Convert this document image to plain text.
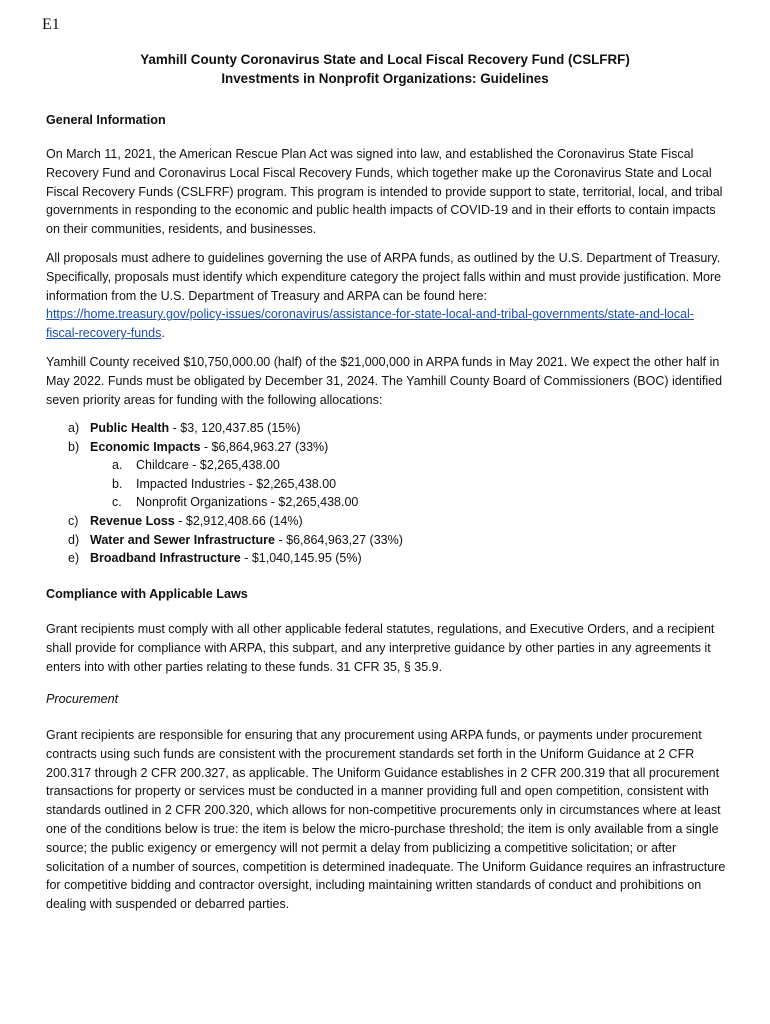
E1
Yamhill County Coronavirus State and Local Fiscal Recovery Fund (CSLFRF)
Investments in Nonprofit Organizations: Guidelines
General Information

On March 11, 2021, the American Rescue Plan Act was signed into law, and established the Coronavirus State Fiscal Recovery Fund and Coronavirus Local Fiscal Recovery Funds, which together make up the Coronavirus State and Local Fiscal Recovery Funds (CSLFRF) program. This program is intended to provide support to state, territorial, local, and tribal governments in responding to the economic and public health impacts of COVID-19 and in their efforts to contain impacts on their communities, residents, and businesses.

All proposals must adhere to guidelines governing the use of ARPA funds, as outlined by the U.S. Department of Treasury. Specifically, proposals must identify which expenditure category the project falls within and must provide justification. More information from the U.S. Department of Treasury and ARPA can be found here:
https://home.treasury.gov/policy-issues/coronavirus/assistance-for-state-local-and-tribal-governments/state-and-local-
fiscal-recovery-funds.

Yamhill County received $10,750,000.00 (half) of the $21,000,000 in ARPA funds in May 2021. We expect the other half in May 2022. Funds must be obligated by December 31, 2024. The Yamhill County Board of Commissioners (BOC) identified seven priority areas for funding with the following allocations:

a) Public Health - $3, 120,437.85 (15%)
b) Economic Impacts - $6,864,963.27 (33%)
a. Childcare - $2,265,438.00
b. Impacted Industries - $2,265,438.00
c. Nonprofit Organizations - $2,265,438.00
c) Revenue Loss - $2,912,408.66 (14%)
d) Water and Sewer Infrastructure - $6,864,963,27 (33%)
e) Broadband Infrastructure - $1,040,145.95 (5%)
Compliance with Applicable Laws

Grant recipients must comply with all other applicable federal statutes, regulations, and Executive Orders, and a recipient shall provide for compliance with ARPA, this subpart, and any interpretive guidance by other parties in any agreements it enters into with other parties relating to these funds. 31 CFR 35, § 35.9.

Procurement

Grant recipients are responsible for ensuring that any procurement using ARPA funds, or payments under procurement contracts using such funds are consistent with the procurement standards set forth in the Uniform Guidance at 2 CFR 200.317 through 2 CFR 200.327, as applicable. The Uniform Guidance establishes in 2 CFR 200.319 that all procurement transactions for property or services must be conducted in a manner providing full and open competition, consistent with standards outlined in 2 CFR 200.320, which allows for non-competitive procurements only in circumstances where at least one of the conditions below is true: the item is below the micro-purchase threshold; the item is only available from a single source; the public exigency or emergency will not permit a delay from publicizing a competitive solicitation; or after solicitation of a number of sources, competition is determined inadequate. The Uniform Guidance requires an infrastructure for competitive bidding and contractor oversight, including maintaining written standards of conduct and prohibitions on dealing with suspended or debarred parties.
